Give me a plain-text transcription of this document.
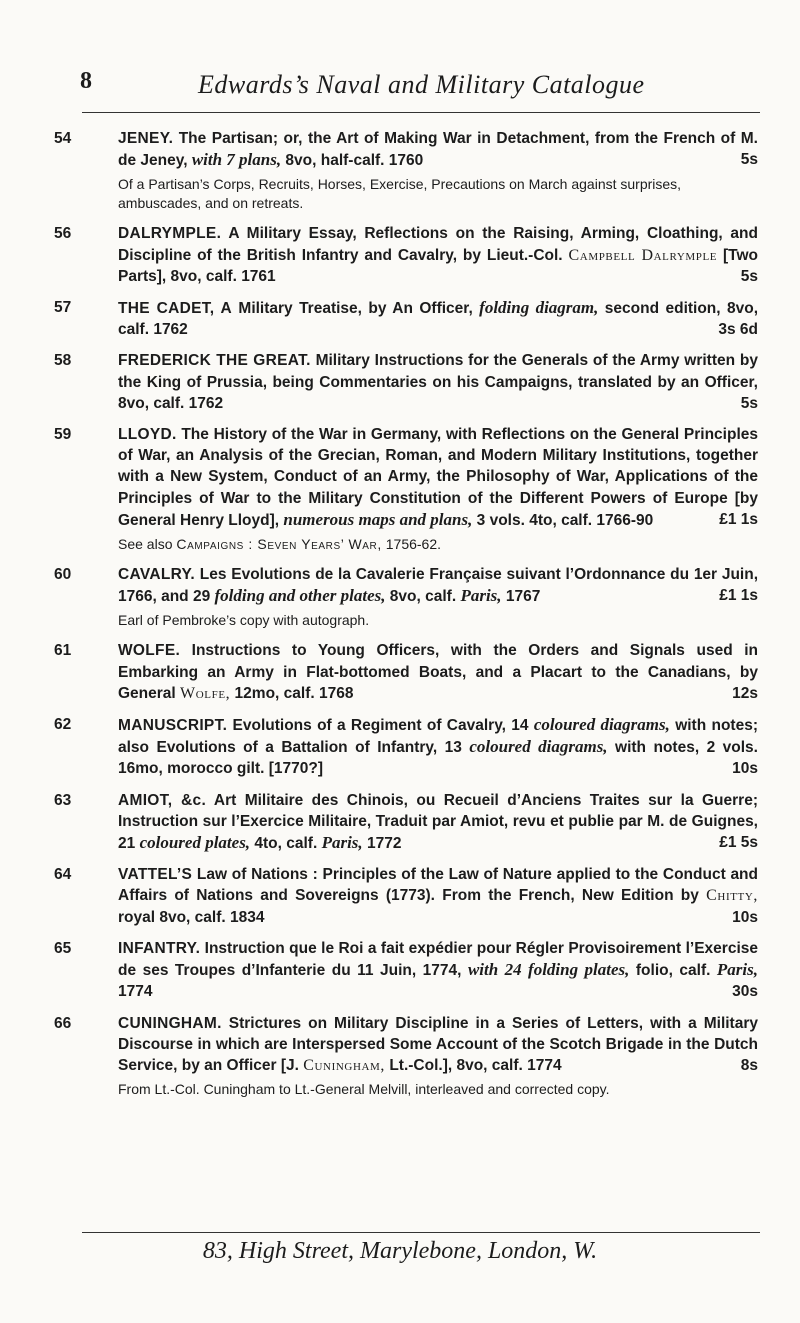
8	Edwards’s Naval and Military Catalogue
54	JENEY. The Partisan; or, the Art of Making War in Detachment, from the French of M. de Jeney, with 7 plans, 8vo, half-calf. 1760	5s
Of a Partisan’s Corps, Recruits, Horses, Exercise, Precautions on March against surprises, ambuscades, and on retreats.
56	DALRYMPLE. A Military Essay, Reflections on the Raising, Arming, Cloathing, and Discipline of the British Infantry and Cavalry, by Lieut.-Col. Campbell Dalrymple [Two Parts], 8vo, calf. 1761	5s
57	THE CADET, A Military Treatise, by An Officer, folding diagram, second edition, 8vo, calf. 1762	3s 6d
58	FREDERICK THE GREAT. Military Instructions for the Generals of the Army written by the King of Prussia, being Commentaries on his Campaigns, translated by an Officer, 8vo, calf. 1762	5s
59	LLOYD. The History of the War in Germany, with Reflections on the General Principles of War, an Analysis of the Grecian, Roman, and Modern Military Institutions, together with a New System, Conduct of an Army, the Philosophy of War, Applications of the Principles of War to the Military Constitution of the Different Powers of Europe [by General Henry Lloyd], numerous maps and plans, 3 vols. 4to, calf. 1766-90	£1 1s
See also Campaigns : Seven Years’ War, 1756-62.
60	CAVALRY. Les Evolutions de la Cavalerie Française suivant l’Ordonnance du 1er Juin, 1766, and 29 folding and other plates, 8vo, calf. Paris, 1767	£1 1s
Earl of Pembroke’s copy with autograph.
61	WOLFE. Instructions to Young Officers, with the Orders and Signals used in Embarking an Army in Flat-bottomed Boats, and a Placart to the Canadians, by General Wolfe, 12mo, calf. 1768	12s
62	MANUSCRIPT. Evolutions of a Regiment of Cavalry, 14 coloured diagrams, with notes; also Evolutions of a Battalion of Infantry, 13 coloured diagrams, with notes, 2 vols. 16mo, morocco gilt. [1770?]	10s
63	AMIOT, &c. Art Militaire des Chinois, ou Recueil d’Anciens Traites sur la Guerre; Instruction sur l’Exercice Militaire, Traduit par Amiot, revu et publie par M. de Guignes, 21 coloured plates, 4to, calf. Paris, 1772	£1 5s
64	VATTEL’S Law of Nations : Principles of the Law of Nature applied to the Conduct and Affairs of Nations and Sovereigns (1773). From the French, New Edition by Chitty, royal 8vo, calf. 1834	10s
65	INFANTRY. Instruction que le Roi a fait expédier pour Régler Provisoirement l’Exercise de ses Troupes d’Infanterie du 11 Juin, 1774, with 24 folding plates, folio, calf. Paris, 1774	30s
66	CUNINGHAM. Strictures on Military Discipline in a Series of Letters, with a Military Discourse in which are Interspersed Some Account of the Scotch Brigade in the Dutch Service, by an Officer [J. Cuningham, Lt.-Col.], 8vo, calf. 1774	8s
From Lt.-Col. Cuningham to Lt.-General Melvill, interleaved and corrected copy.
83, High Street, Marylebone, London, W.
